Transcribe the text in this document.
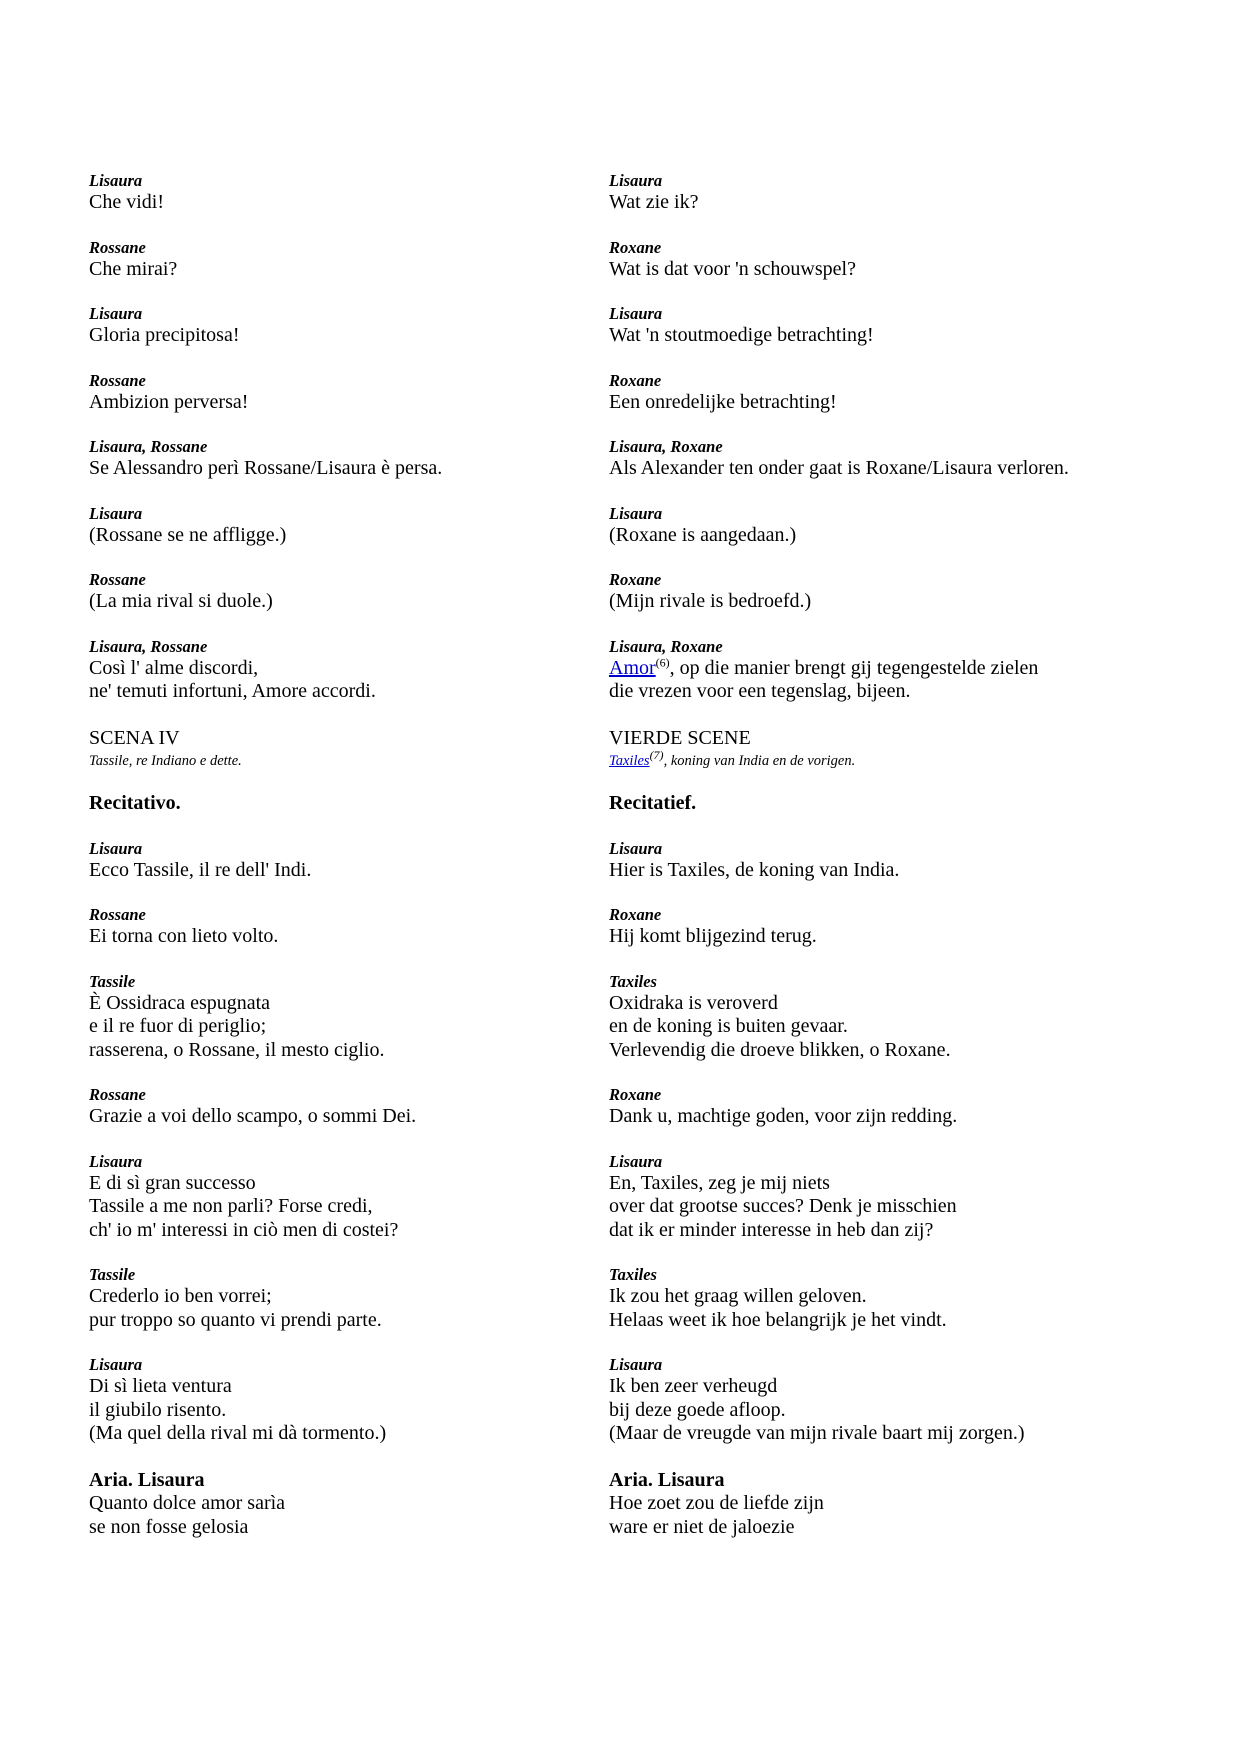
Lisaura
Che vidi!
Rossane
Che mirai?
Lisaura
Gloria precipitosa!
Rossane
Ambizion perversa!
Lisaura, Rossane
Se Alessandro perì Rossane/Lisaura è persa.
Lisaura
(Rossane se ne affligge.)
Rossane
(La mia rival si duole.)
Lisaura, Rossane
Così l' alme discordi,
ne' temuti infortuni, Amore accordi.
SCENA IV
Tassile, re Indiano e dette.
Recitativo.
Lisaura
Ecco Tassile, il re dell' Indi.
Rossane
Ei torna con lieto volto.
Tassile
È Ossidraca espugnata
e il re fuor di periglio;
rasserena, o Rossane, il mesto ciglio.
Rossane
Grazie a voi dello scampo, o sommi Dei.
Lisaura
E di sì gran successo
Tassile a me non parli? Forse credi,
ch' io m' interessi in ciò men di costei?
Tassile
Crederlo io ben vorrei;
pur troppo so quanto vi prendi parte.
Lisaura
Di sì lieta ventura
il giubilo risento.
(Ma quel della rival mi dà tormento.)
Aria. Lisaura
Quanto dolce amor sarìa
se non fosse gelosia
Lisaura
Wat zie ik?
Roxane
Wat is dat voor 'n schouwspel?
Lisaura
Wat 'n stoutmoedige betrachting!
Roxane
Een onredelijke betrachting!
Lisaura, Roxane
Als Alexander ten onder gaat is Roxane/Lisaura verloren.
Lisaura
(Roxane is aangedaan.)
Roxane
(Mijn rivale is bedroefd.)
Lisaura, Roxane
Amor$^{(6)}$, op die manier brengt gij tegengestelde zielen
die vrezen voor een tegenslag, bijeen.
VIERDE SCENE
Taxiles$^{(7)}$, koning van India en de vorigen.
Recitatief.
Lisaura
Hier is Taxiles, de koning van India.
Roxane
Hij komt blijgezind terug.
Taxiles
Oxidraka is veroverd
en de koning is buiten gevaar.
Verlevendig die droeve blikken, o Roxane.
Roxane
Dank u, machtige goden, voor zijn redding.
Lisaura
En, Taxiles, zeg je mij niets
over dat grootse succes? Denk je misschien
dat ik er minder interesse in heb dan zij?
Taxiles
Ik zou het graag willen geloven.
Helaas weet ik hoe belangrijk je het vindt.
Lisaura
Ik ben zeer verheugd
bij deze goede afloop.
(Maar de vreugde van mijn rivale baart mij zorgen.)
Aria. Lisaura
Hoe zoet zou de liefde zijn
ware er niet de jaloezie
